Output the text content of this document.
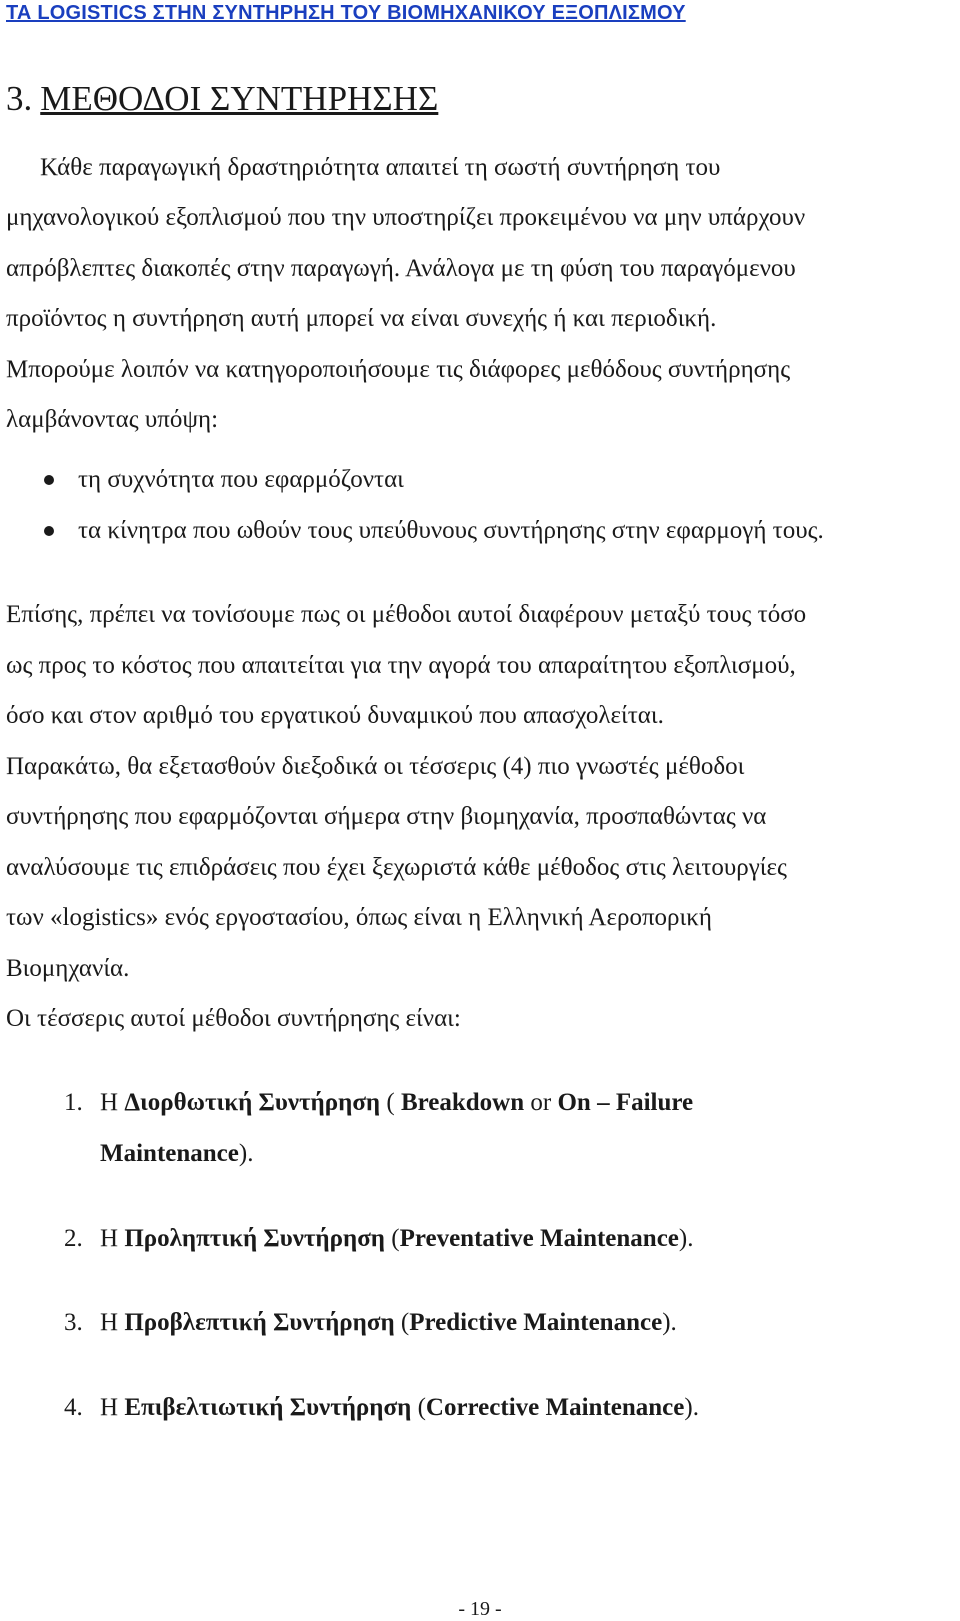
ΤΑ LOGISTICS ΣΤΗΝ ΣΥΝΤΗΡΗΣΗ ΤΟΥ ΒΙΟΜΗΧΑΝΙΚΟΥ ΕΞΟΠΛΙΣΜΟΥ
3. ΜΕΘΟΔΟΙ ΣΥΝΤΗΡΗΣΗΣ
Κάθε παραγωγική δραστηριότητα απαιτεί τη σωστή συντήρηση του
μηχανολογικού εξοπλισμού που την υποστηρίζει προκειμένου να μην υπάρχουν
απρόβλεπτες διακοπές στην παραγωγή. Ανάλογα με τη φύση του παραγόμενου
προϊόντος η συντήρηση αυτή μπορεί να είναι συνεχής ή και περιοδική.
Μπορούμε λοιπόν να κατηγοροποιήσουμε τις διάφορες μεθόδους συντήρησης
λαμβάνοντας υπόψη:
τη συχνότητα που εφαρμόζονται
τα κίνητρα που ωθούν τους υπεύθυνους συντήρησης στην εφαρμογή τους.
Επίσης, πρέπει να τονίσουμε πως οι μέθοδοι αυτοί διαφέρουν μεταξύ τους τόσο
ως προς το κόστος που απαιτείται για την αγορά του απαραίτητου εξοπλισμού,
όσο και στον αριθμό του εργατικού δυναμικού που απασχολείται.
Παρακάτω, θα εξετασθούν διεξοδικά οι τέσσερις (4) πιο γνωστές μέθοδοι
συντήρησης που εφαρμόζονται σήμερα στην βιομηχανία, προσπαθώντας να
αναλύσουμε τις επιδράσεις που έχει ξεχωριστά κάθε μέθοδος στις λειτουργίες
των «logistics» ενός εργοστασίου, όπως είναι η Ελληνική Αεροπορική
Βιομηχανία.
Οι τέσσερις αυτοί μέθοδοι συντήρησης είναι:
1. Η Διορθωτική Συντήρηση ( Breakdown or On – Failure
Maintenance).
2. Η Προληπτική Συντήρηση (Preventative Maintenance).
3. Η Προβλεπτική Συντήρηση (Predictive Maintenance).
4. Η Επιβελτιωτική Συντήρηση (Corrective Maintenance).
- 19 -
